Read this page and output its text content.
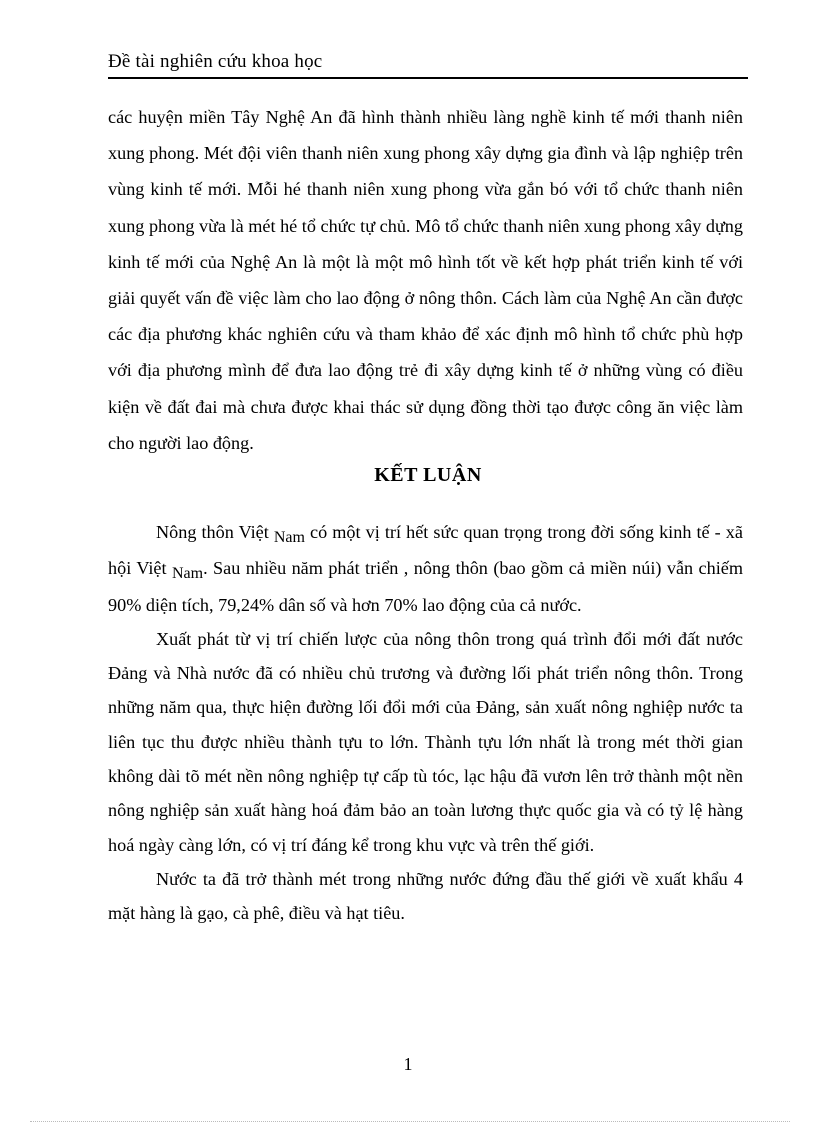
Đề tài nghiên cứu khoa học

các huyện miền Tây Nghệ An đã hình thành nhiều làng nghề kinh tế mới thanh niên xung phong. Mét đội viên thanh niên xung phong xây dựng gia đình và lập nghiệp trên vùng kinh tế mới. Mỗi hé thanh niên xung phong vừa gắn bó với tổ chức thanh niên xung phong vừa là mét hé tổ chức tự chủ. Mô tổ chức thanh niên xung phong xây dựng kinh tế mới của Nghệ An là một là một mô hình tốt về kết hợp phát triển kinh tế với giải quyết vấn đề việc làm cho lao động ở nông thôn. Cách làm của Nghệ An cần được các địa phương khác nghiên cứu và tham khảo để xác định mô hình tổ chức phù hợp với địa phương mình để đưa lao động trẻ đi xây dựng kinh tế ở những vùng có điều kiện về đất đai mà chưa được khai thác sử dụng đồng thời tạo được công ăn việc làm cho người lao động.

KẾT LUẬN

Nông thôn Việt Nam có một vị trí hết sức quan trọng trong đời sống kinh tế - xã hội Việt Nam. Sau nhiều năm phát triển , nông thôn (bao gồm cả miền núi) vẫn chiếm 90% diện tích, 79,24% dân số và hơn 70% lao động của cả nước.

Xuất phát từ vị trí chiến lược của nông thôn trong quá trình đổi mới đất nước Đảng và Nhà nước đã có nhiều chủ trương và đường lối phát triển nông thôn. Trong những năm qua, thực hiện đường lối đổi mới của Đảng, sản xuất nông nghiệp nước ta liên tục thu được nhiều thành tựu to lớn. Thành tựu lớn nhất là trong mét thời gian không dài tõ mét nền nông nghiệp tự cấp tù tóc, lạc hậu đã vươn lên trở thành một nền nông nghiệp sản xuất hàng hoá đảm bảo an toàn lương thực quốc gia và có tỷ lệ hàng hoá ngày càng lớn, có vị trí đáng kể trong khu vực và trên thế giới.

Nước ta đã trở thành mét trong những nước đứng đầu thế giới về xuất khẩu 4 mặt hàng là gạo, cà phê, điều và hạt tiêu.

1
